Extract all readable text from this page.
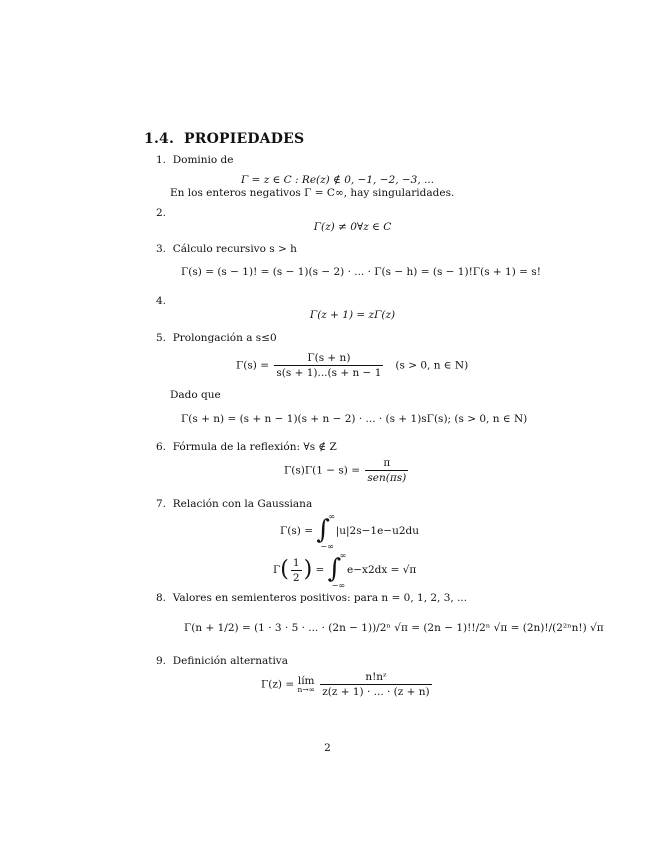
1.4. PROPIEDADES
1. Dominio de
Γ = z ∈ C : Re(z) ∉ 0, −1, −2, −3, ...
En los enteros negativos Γ = C∞, hay singularidades.
2.
Γ(z) ≠ 0∀z ∈ C
3. Cálculo recursivo s > h
Γ(s) = (s − 1)! = (s − 1)(s − 2) · ... · Γ(s − h) = (s − 1)!Γ(s + 1) = s!
4.
Γ(z + 1) = zΓ(z)
5. Prolongación a s≤0
$\Gamma(s) = \frac{\Gamma(s + n)}{s(s + 1)...(s + n - 1} (s > 0$, n ∈ N)
Dado que
Γ(s + n) = (s + n − 1)(s + n − 2) · ... · (s + 1)sΓ(s); (s > 0, n ∈ N)
6. Fórmula de la reflexión: ∀s ∉ Z
$\Gamma(s)\Gamma(1 - s) = \frac{\pi}{\text{sen(πs)}}$
7. Relación con la Gaussiana
Γ(s) = ∫
∞
−∞
|u|2s−1e−u2du
$\Gamma( \frac{1}{2}$ ) = ∫
∞
−∞
e−x2dx = √π
8. Valores en semienteros positivos: para n = 0, 1, 2, 3, ...
Γ(n + 1/2) = (1 · 3 · 5 · ... · (2n − 1))/2ⁿ √π = (2n − 1)!!/2ⁿ √π = (2n)!/(2²ⁿn!) √π
9. Definición alternativa
Γ(z) = lím
n→∞
$\frac{\text{n!nᶻ}}{z(z + 1) \cdot ... \cdot (z + n)}$
2
